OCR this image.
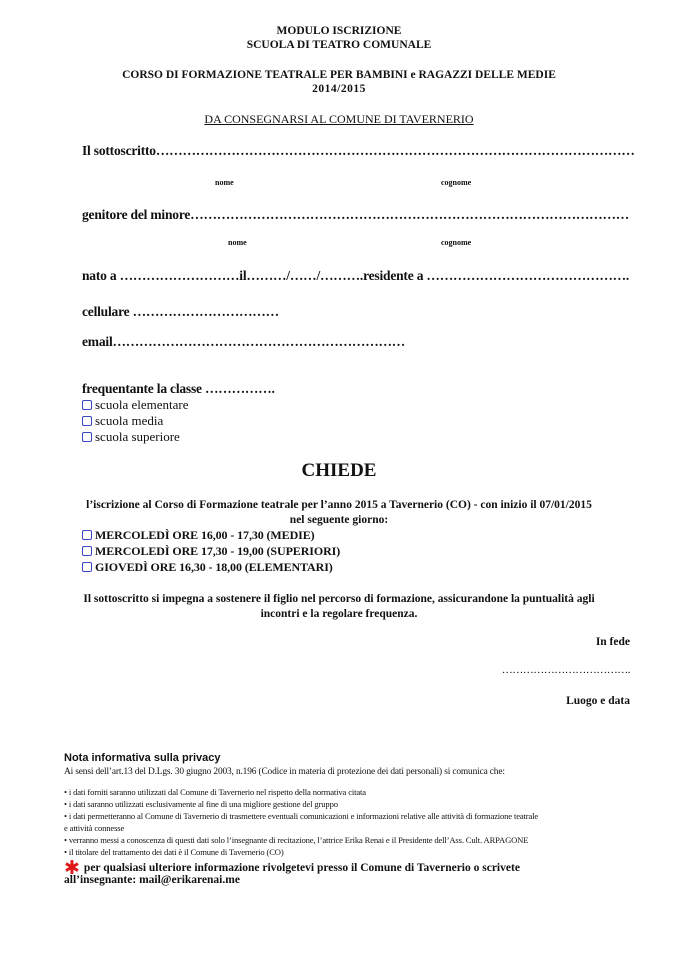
MODULO ISCRIZIONE
SCUOLA DI TEATRO COMUNALE
CORSO DI FORMAZIONE TEATRALE PER BAMBINI e RAGAZZI DELLE MEDIE
2014/2015
DA CONSEGNARSI AL COMUNE DI TAVERNERIO
Il sottoscritto………………………………………………………………………………………………
nome	cognome
genitore del minore………………………………………………………………………………………
nome	cognome
nato a ………………………il………/……/……….residente a ……………………………………….
cellulare ……………………………
email…………………………………………………………
frequentante la classe …………….
scuola elementare
scuola media
scuola superiore
CHIEDE
l’iscrizione al Corso di Formazione teatrale per l’anno 2015 a Tavernerio (CO) - con inizio il 07/01/2015
nel seguente giorno:
MERCOLEDÌ ORE 16,00 - 17,30 (MEDIE)
MERCOLEDÌ ORE 17,30 - 19,00 (SUPERIORI)
GIOVEDÌ ORE 16,30 - 18,00 (ELEMENTARI)
Il sottoscritto si impegna a sostenere il figlio nel percorso di formazione, assicurandone la puntualità agli
incontri e la regolare frequenza.
In fede
……………………………….
Luogo e data
Nota informativa sulla privacy
Ai sensi dell’art.13 del D.Lgs. 30 giugno 2003, n.196 (Codice in materia di protezione dei dati personali) si comunica che:
• i dati forniti saranno utilizzati dal Comune di Tavernerio nel rispetto della normativa citata
• i dati saranno utilizzati esclusivamente al fine di una migliore gestione del gruppo
• i dati permetteranno al Comune di Tavernerio di trasmettere eventuali comunicazioni e informazioni relative alle attività di formazione teatrale
e attività connesse
• verranno messi a conoscenza di questi dati solo l’insegnante di recitazione, l’attrice Erika Renai e il Presidente dell’Ass. Cult. ARPAGONE
• il titolare del trattamento dei dati è il Comune di Tavernerio (CO)
✱ per qualsiasi ulteriore informazione rivolgetevi presso il Comune di Tavernerio o scrivete
all’insegnante: mail@erikarenai.me
